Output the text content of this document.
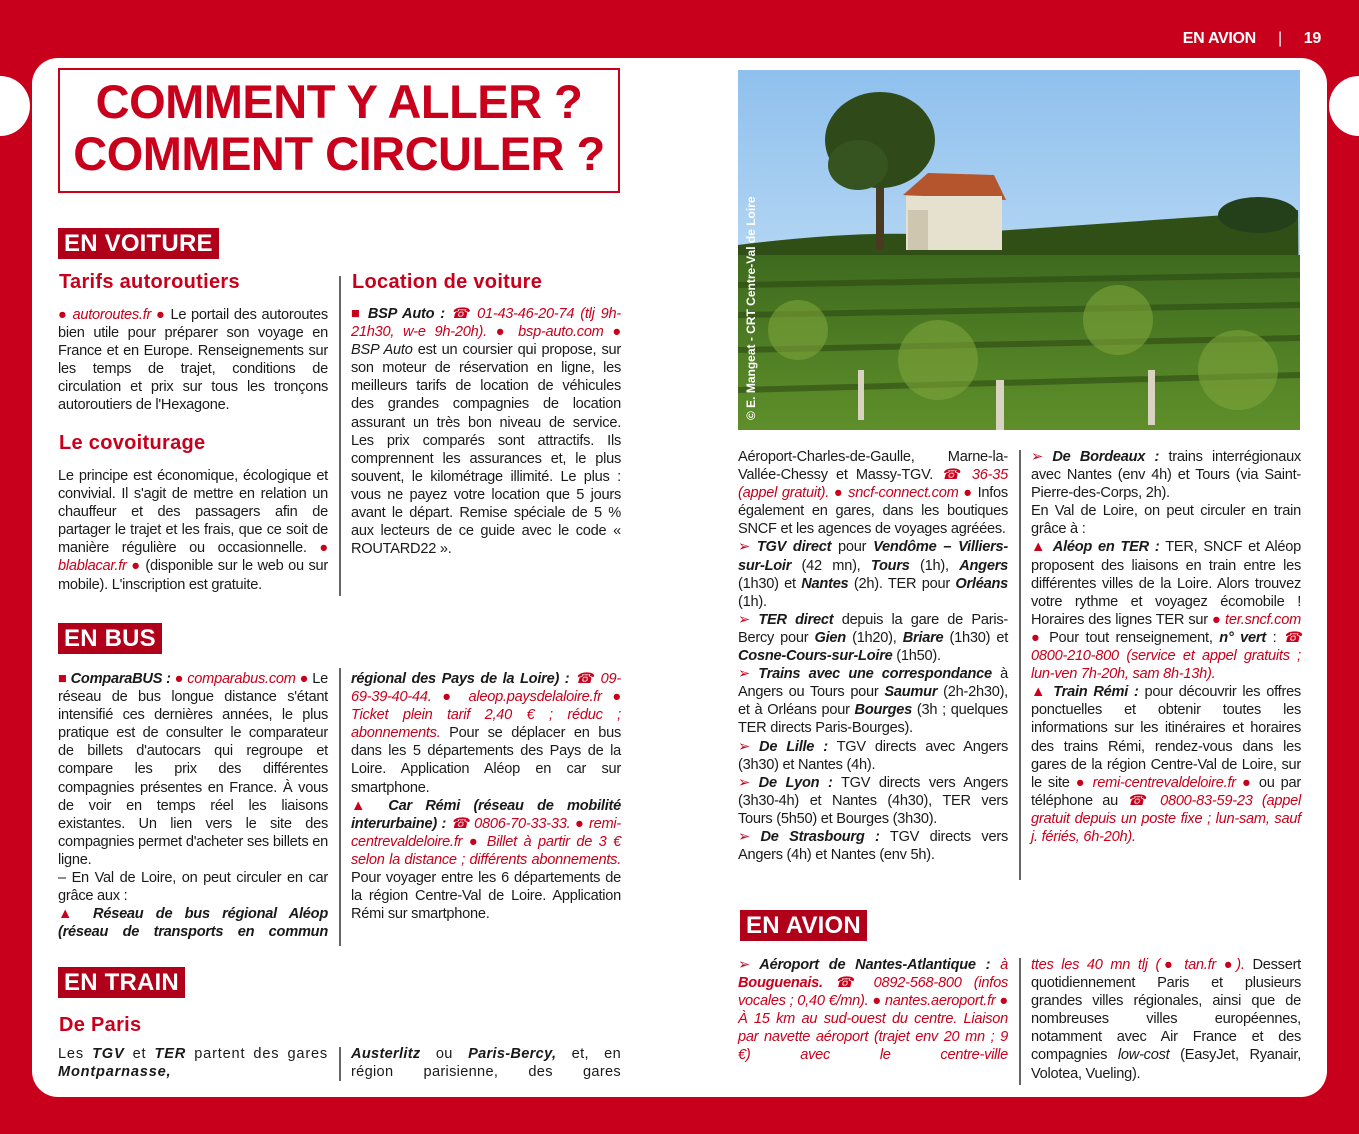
EN AVION | 19
COMMENT Y ALLER ?
COMMENT CIRCULER ?
EN VOITURE
Tarifs autoroutiers

● autoroutes.fr ● Le portail des autoroutes bien utile pour préparer son voyage en France et en Europe. Renseignements sur les temps de trajet, conditions de circulation et prix sur tous les tronçons autoroutiers de l'Hexagone.

Le covoiturage

Le principe est économique, écologique et convivial. Il s'agit de mettre en relation un chauffeur et des passagers afin de partager le trajet et les frais, que ce soit de manière régulière ou occasionnelle. ● blablacar.fr ● (disponible sur le web ou sur mobile). L'inscription est gratuite.

Location de voiture

■ BSP Auto : ☎ 01-43-46-20-74 (tlj 9h-21h30, w-e 9h-20h). ● bsp-auto.com ● BSP Auto est un coursier qui propose, sur son moteur de réservation en ligne, les meilleurs tarifs de location de véhicules des grandes compagnies de location assurant un très bon niveau de service. Les prix comparés sont attractifs. Ils comprennent les assurances et, le plus souvent, le kilométrage illimité. Le plus : vous ne payez votre location que 5 jours avant le départ. Remise spéciale de 5 % aux lecteurs de ce guide avec le code « ROUTARD22 ».

EN BUS

■ ComparaBUS : ● comparabus.com ● Le réseau de bus longue distance s'étant intensifié ces dernières années, le plus pratique est de consulter le comparateur de billets d'autocars qui regroupe et compare les prix des différentes compagnies présentes en France. À vous de voir en temps réel les liaisons existantes. Un lien vers le site des compagnies permet d'acheter ses billets en ligne.

– En Val de Loire, on peut circuler en car grâce aux :

▲ Réseau de bus régional Aléop (réseau de transports en commun

régional des Pays de la Loire) : ☎ 09-69-39-40-44. ● aleop.paysdelaloire.fr ● Ticket plein tarif 2,40 € ; réduc ; abonnements. Pour se déplacer en bus dans les 5 départements des Pays de la Loire. Application Aléop en car sur smartphone.

▲ Car Rémi (réseau de mobilité interurbaine) : ☎ 0806-70-33-33. ● remi-centrevaldeloire.fr ● Billet à partir de 3 € selon la distance ; différents abonnements. Pour voyager entre les 6 départements de la région Centre-Val de Loire. Application Rémi sur smartphone.

EN TRAIN
De Paris

Les TGV et TER partent des gares Montparnasse,

Austerlitz ou Paris-Bercy, et, en région parisienne, des gares

© E. Mangeat - CRT Centre-Val de Loire

Aéroport-Charles-de-Gaulle, Marne-la-Vallée-Chessy et Massy-TGV. ☎ 36-35 (appel gratuit). ● sncf-connect.com ● Infos également en gares, dans les boutiques SNCF et les agences de voyages agréées.

➢ TGV direct pour Vendôme – Villiers-sur-Loir (42 mn), Tours (1h), Angers (1h30) et Nantes (2h). TER pour Orléans (1h).

➢ TER direct depuis la gare de Paris-Bercy pour Gien (1h20), Briare (1h30) et Cosne-Cours-sur-Loire (1h50).

➢ Trains avec une correspondance à Angers ou Tours pour Saumur (2h-2h30), et à Orléans pour Bourges (3h ; quelques TER directs Paris-Bourges).

➢ De Lille : TGV directs avec Angers (3h30) et Nantes (4h).

➢ De Lyon : TGV directs vers Angers (3h30-4h) et Nantes (4h30), TER vers Tours (5h50) et Bourges (3h30).

➢ De Strasbourg : TGV directs vers Angers (4h) et Nantes (env 5h).

➢ De Bordeaux : trains interrégionaux avec Nantes (env 4h) et Tours (via Saint-Pierre-des-Corps, 2h).

En Val de Loire, on peut circuler en train grâce à :

▲ Aléop en TER : TER, SNCF et Aléop proposent des liaisons en train entre les différentes villes de la Loire. Alors trouvez votre rythme et voyagez écomobile ! Horaires des lignes TER sur ● ter.sncf.com ● Pour tout renseignement, n° vert : ☎ 0800-210-800 (service et appel gratuits ; lun-ven 7h-20h, sam 8h-13h).

▲ Train Rémi : pour découvrir les offres ponctuelles et obtenir toutes les informations sur les itinéraires et horaires des trains Rémi, rendez-vous dans les gares de la région Centre-Val de Loire, sur le site ● remi-centrevaldeloire.fr ● ou par téléphone au ☎ 0800-83-59-23 (appel gratuit depuis un poste fixe ; lun-sam, sauf j. fériés, 6h-20h).

EN AVION

➢ Aéroport de Nantes-Atlantique : à Bouguenais. ☎ 0892-568-800 (infos vocales ; 0,40 €/mn). ● nantes.aeroport.fr ● À 15 km au sud-ouest du centre. Liaison par navette aéroport (trajet env 20 mn ; 9 €) avec le centre-ville

ttes les 40 mn tlj (● tan.fr ●). Dessert quotidiennement Paris et plusieurs grandes villes régionales, ainsi que de nombreuses villes européennes, notamment avec Air France et des compagnies low-cost (EasyJet, Ryanair, Volotea, Vueling).
